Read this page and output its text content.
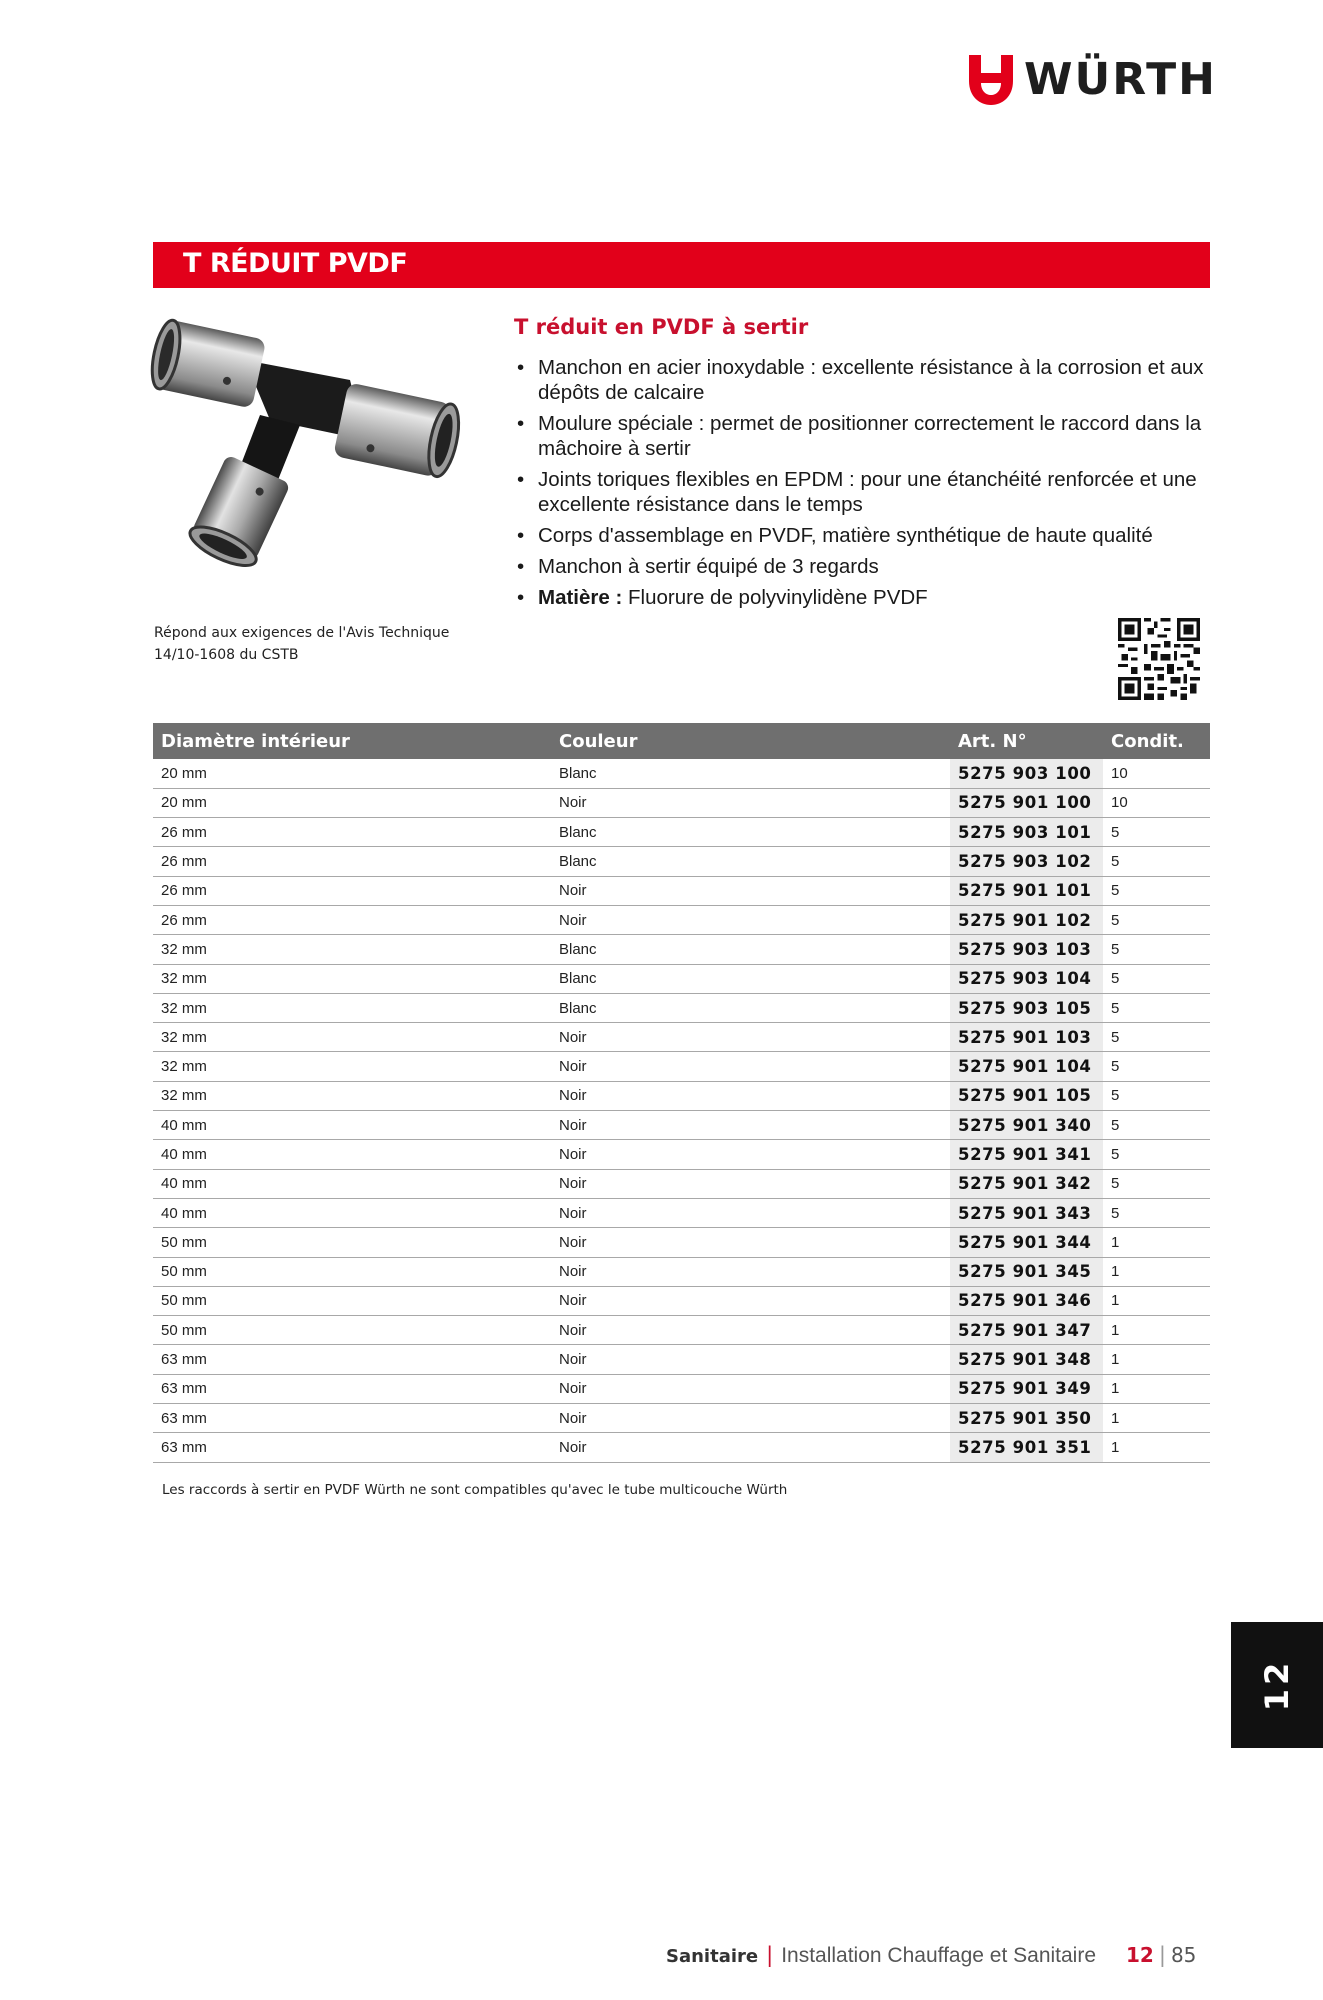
WÜRTH
T RÉDUIT PVDF
Répond aux exigences de l'Avis Technique 14/10-1608 du CSTB
T réduit en PVDF à sertir
• Manchon en acier inoxydable : excellente résistance à la corrosion et aux dépôts de calcaire
• Moulure spéciale : permet de positionner correctement le raccord dans la mâchoire à sertir
• Joints toriques flexibles en EPDM : pour une étanchéité renforcée et une excellente résistance dans le temps
• Corps d'assemblage en PVDF, matière synthétique de haute qualité
• Manchon à sertir équipé de 3 regards
• Matière : Fluorure de polyvinylidène PVDF
Diamètre intérieur	Couleur	Art. N°	Condit.
20 mm	Blanc	5275 903 100	10
20 mm	Noir	5275 901 100	10
26 mm	Blanc	5275 903 101	5
26 mm	Blanc	5275 903 102	5
26 mm	Noir	5275 901 101	5
26 mm	Noir	5275 901 102	5
32 mm	Blanc	5275 903 103	5
32 mm	Blanc	5275 903 104	5
32 mm	Blanc	5275 903 105	5
32 mm	Noir	5275 901 103	5
32 mm	Noir	5275 901 104	5
32 mm	Noir	5275 901 105	5
40 mm	Noir	5275 901 340	5
40 mm	Noir	5275 901 341	5
40 mm	Noir	5275 901 342	5
40 mm	Noir	5275 901 343	5
50 mm	Noir	5275 901 344	1
50 mm	Noir	5275 901 345	1
50 mm	Noir	5275 901 346	1
50 mm	Noir	5275 901 347	1
63 mm	Noir	5275 901 348	1
63 mm	Noir	5275 901 349	1
63 mm	Noir	5275 901 350	1
63 mm	Noir	5275 901 351	1
Les raccords à sertir en PVDF Würth ne sont compatibles qu'avec le tube multicouche Würth
12
Sanitaire | Installation Chauffage et Sanitaire 12 | 85
